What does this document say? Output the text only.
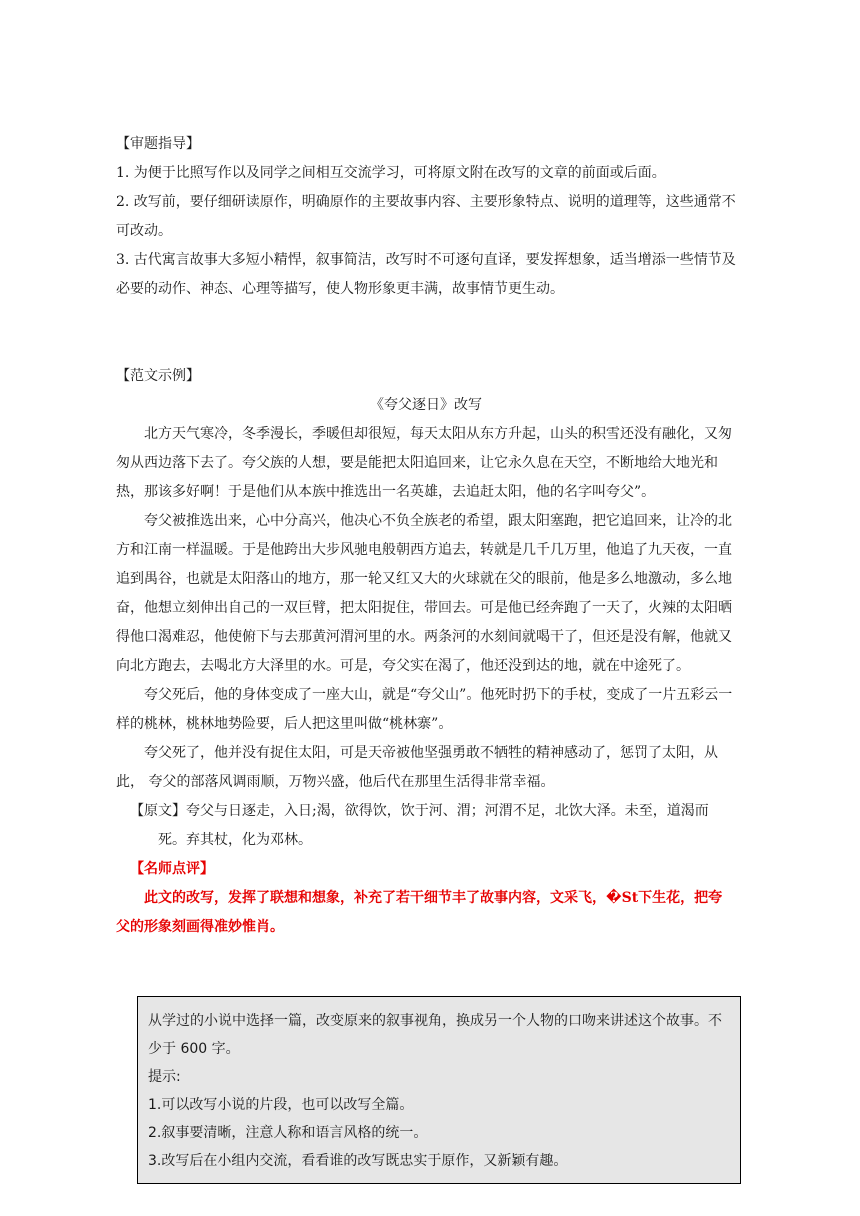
【审题指导】

1. 为便于比照写作以及同学之间相互交流学习，可将原文附在改写的文章的前面或后面。

2. 改写前，要仔细研读原作，明确原作的主要故事内容、主要形象特点、说明的道理等，这些通常不可改动。

3. 古代寓言故事大多短小精悍，叙事简洁，改写时不可逐句直译，要发挥想象，适当增添一些情节及必要的动作、神态、心理等描写，使人物形象更丰满，故事情节更生动。

【范文示例】

《夸父逐日》改写

北方天气寒冷，冬季漫长，季暖但却很短，每天太阳从东方升起，山头的积雪还没有融化，又匆匆从西边落下去了。夸父族的人想，要是能把太阳追回来，让它永久息在天空，不断地给大地光和热，那该多好啊！于是他们从本族中推选出一名英雄，去追赶太阳，他的名字叫夸父”。

夸父被推选出来，心中分高兴，他决心不负全族老的希望，跟太阳塞跑，把它追回来，让冷的北方和江南一样温暖。于是他跨出大步风驰电般朝西方追去，转就是几千几万里，他追了九天夜，一直追到禺谷，也就是太阳落山的地方，那一轮又红又大的火球就在父的眼前，他是多么地激动，多么地奋，他想立刻伸出自己的一双巨臂，把太阳捉住，带回去。可是他已经奔跑了一天了，火辣的太阳晒得他口渴难忍，他使俯下与去那黄河渭河里的水。两条河的水刻间就喝干了，但还是没有解，他就又向北方跑去，去喝北方大泽里的水。可是，夸父实在渴了，他还没到达的地，就在中途死了。

夸父死后，他的身体变成了一座大山，就是“夸父山”。他死时扔下的手杖，变成了一片五彩云一样的桃林，桃林地势险要，后人把这里叫做“桃林寨”。

夸父死了，他并没有捉住太阳，可是天帝被他坚强勇敢不牺牲的精神感动了，惩罚了太阳，从此， 夸父的部落风调雨顺，万物兴盛，他后代在那里生活得非常幸福。

【原文】夸父与日逐走，入日;渴，欲得饮，饮于河、渭；河渭不足，北饮大泽。未至，道渴而死。弃其杖，化为邓林。

【名师点评】

此文的改写，发挥了联想和想象，补充了若干细节丰了故事内容，文采飞，�St下生花，把夸父的形象刻画得准妙惟肖。

从学过的小说中选择一篇，改变原来的叙事视角，换成另一个人物的口吻来讲述这个故事。不少于 600 字。

提示:

1.可以改写小说的片段，也可以改写全篇。

2.叙事要清晰，注意人称和语言风格的统一。

3.改写后在小组内交流，看看谁的改写既忠实于原作，又新颖有趣。
